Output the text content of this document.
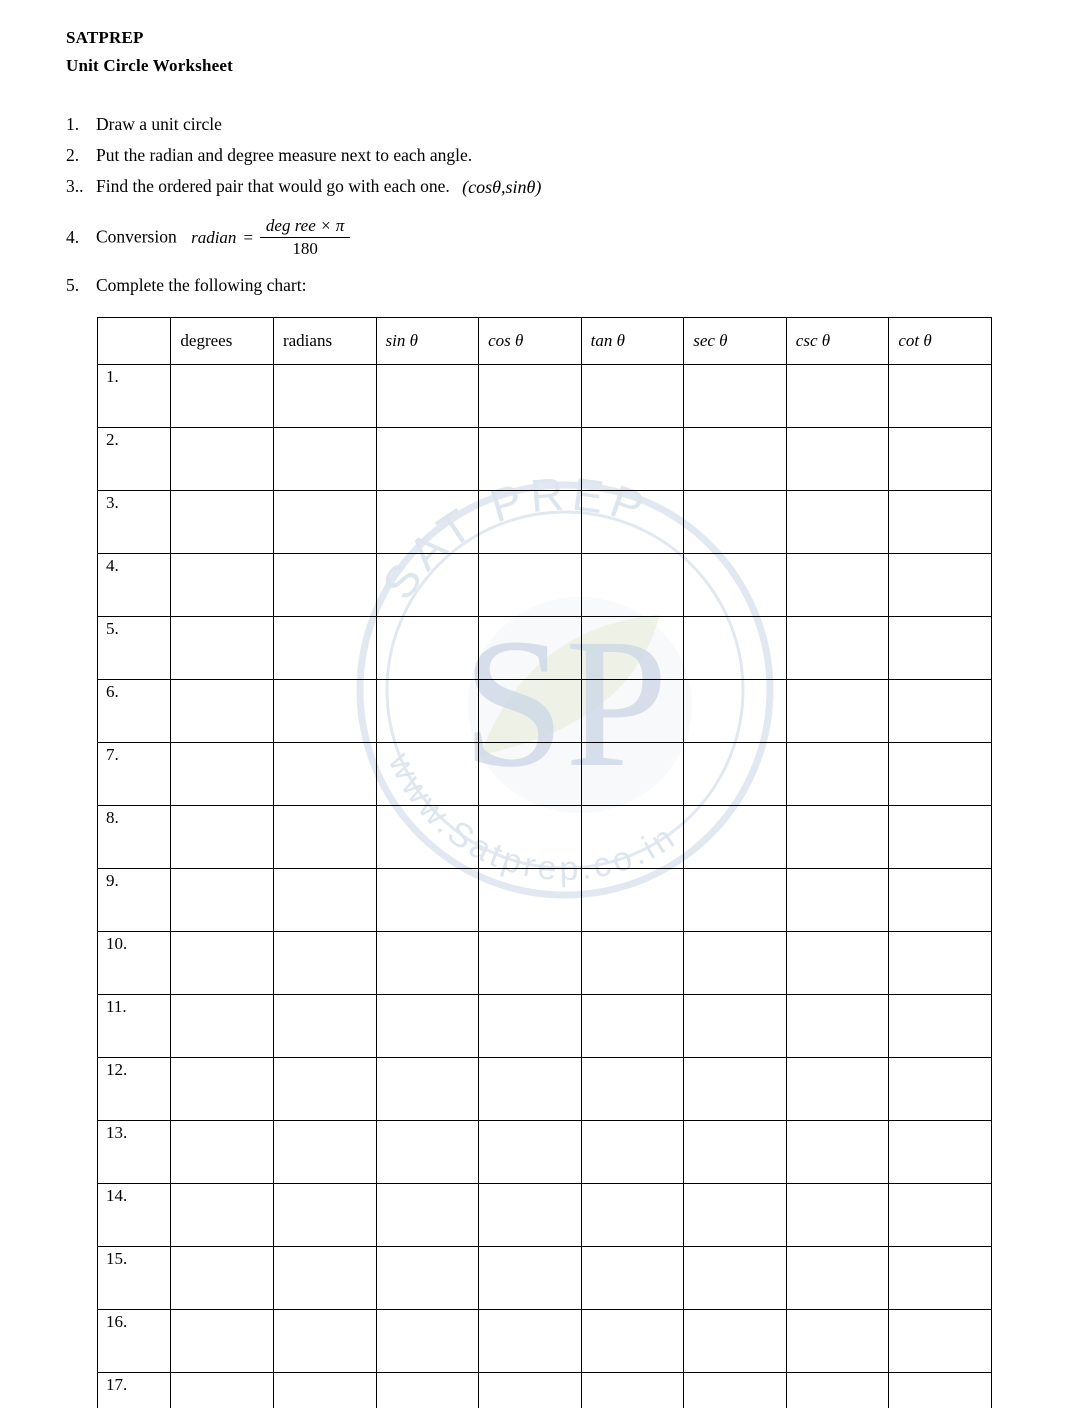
SAT PREP
www.Satprep.co.in
SP
SATPREP
Unit Circle Worksheet
1. Draw a unit circle
2. Put the radian and degree measure next to each angle.
3.. Find the ordered pair that would go with each one. (cosθ,sinθ)
4. Conversion radian = $\frac{\text{deg ree × π}}{180}$
5. Complete the following chart:
	degrees	radians	sin θ	cos θ	tan θ	sec θ	csc θ	cot θ
1.								
2.								
3.								
4.								
5.								
6.								
7.								
8.								
9.								
10.								
11.								
12.								
13.								
14.								
15.								
16.								
17.								
